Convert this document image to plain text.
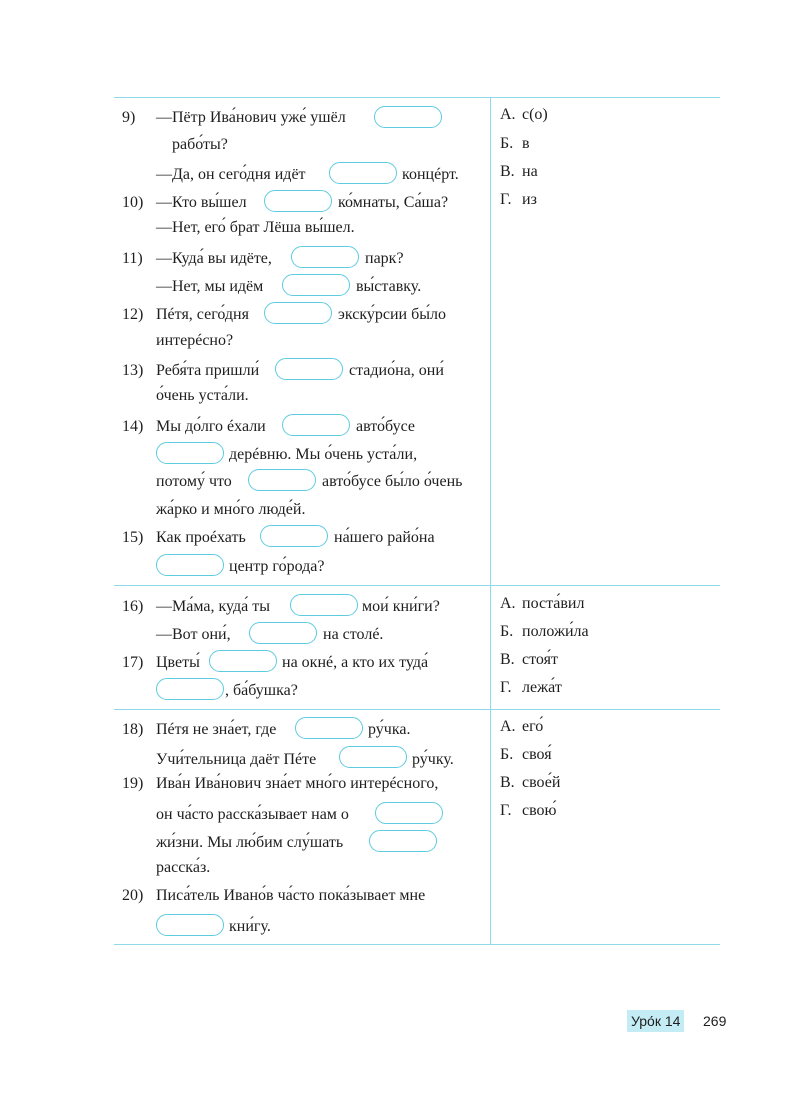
9) —Пётр Ива́нович уже́ ушёл
рабо́ты?
—Да, он сего́дня идёт	концéрт.
10) —Кто вы́шел	ко́мнаты, Са́ша?
—Нет, его́ брат Лёша вы́шел.
11) —Куда́ вы идёте,	парк?
—Нет, мы идём	вы́ставку.
12) Пéтя, сего́дня	экску́рсии бы́ло
интерéсно?
13) Ребя́та пришли́	стадио́на, они́
о́чень уста́ли.
14) Мы до́лго éхали	авто́бусе
дерéвню. Мы о́чень уста́ли,
потому́ что	авто́бусе бы́ло о́чень
жа́рко и мно́го люде́й.
15) Как проéхать	на́шего райо́на
центр го́рода?
А. с(о)
Б. в
В. на
Г. из
16) —Ма́ма, куда́ ты	мои́ кни́ги?
—Вот они́,	на столé.
17) Цветы́	на окнé, а кто их туда́
, ба́бушка?
А. поста́вил
Б. положи́ла
В. стоя́т
Г. лежа́т
18) Пéтя не зна́ет, где	ру́чка.
Учи́тельница даёт Пéте	ру́чку.
19) Ива́н Ива́нович зна́ет мно́го интерéсного,
он ча́сто расска́зывает нам о
жи́зни. Мы лю́бим слу́шать
расска́з.
20) Писа́тель Ивано́в ча́сто пока́зывает мне
кни́гу.
А. его́
Б. своя́
В. свое́й
Г. свою́
Уро́к 14 269
